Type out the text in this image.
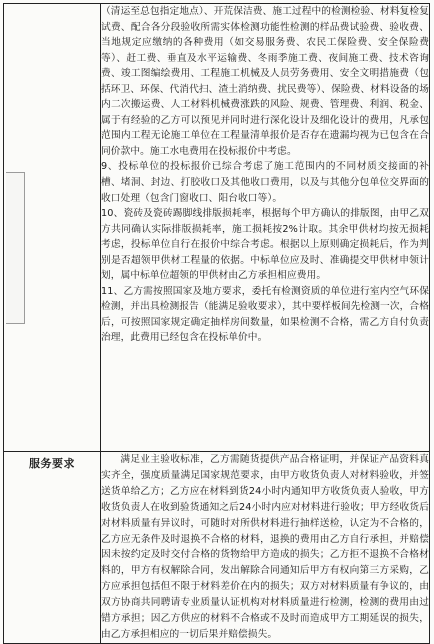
	（清运至总包指定地点）、开荒保洁费、施工过程中的检测检验、材料复检复试费、配合各分段验收所需实体检测功能性检测的样品费试验费、验收费、当地规定应缴纳的各种费用（如交易服务费、农民工保险费、安全保险费等）、赶工费、垂直及水平运输费、冬雨季施工费、夜间施工费、技术咨询费、竣工图编绘费用、工程施工机械及人员劳务费用、安全文明措施费（包括环卫、环保、代消代扫、渣土消纳费、扰民费等）、保险费、材料设备的场内二次搬运费、人工材料机械费涨跌的风险、规费、管理费、利润、税金、属于有经验的乙方可以预见并同时进行深化设计及细化设计的费用，凡承包范围内工程无论施工单位在工程量清单报价是否存在遗漏均视为已包含在合同价款中。施工水电费用在投标报价中考虑。

9、投标单位的投标报价已综合考虑了施工范围内的不同材质交接面的补槽、堵洞、封边、打胶收口及其他收口费用，以及与其他分包单位交界面的收口处理（包含门窗收口、阳台收口等）。

10、瓷砖及瓷砖踢脚线排版损耗率，根据每个甲方确认的排版图，由甲乙双方共同确认实际排版损耗率，施工损耗按2%计取。其余甲供材均按无损耗考虑，投标单位自行在报价中综合考虑。根据以上原则确定损耗后，作为判别是否超领甲供材工程量的依据。中标单位应及时、准确提交甲供材申领计划，属中标单位超领的甲供材由乙方承担相应费用。

11、乙方需按照国家及地方要求，委托有检测资质的单位进行室内空气环保检测，并出具检测报告（能满足验收要求），其中要样板间先检测一次，合格后，可按照国家规定确定抽样房间数量，如果检测不合格，需乙方自付负责治理，此费用已经包含在投标单价中。

服务要求	满足业主验收标准，乙方需随货提供产品合格证明，并保证产品资料真实齐全，强度质量满足国家规范要求，由甲方收货负责人对材料验收，并签送货单给乙方；乙方应在材料到货24小时内通知甲方收货负责人验收，甲方收货负责人在收到验货通知之后24小时内应对材料进行验收；甲方经收货后对材料质量有异议时，可随时对所供材料进行抽样送检，认定为不合格的，乙方应无条件及时退换不合格的材料，退换的费用由乙方自行承担，并赔偿因未按约定及时交付合格的货物给甲方造成的损失；乙方拒不退换不合格材料的，甲方有权解除合同，发出解除合同通知后甲方有权向第三方采购，乙方应承担包括但不限于材料差价在内的损失；双方对材料质量有争议的，由双方协商共同聘请专业质量认证机构对材料质量进行检测，检测的费用由过错方承担；因乙方供应的材料不合格或不及时而造成甲方工期延误的损失，由乙方承担相应的一切后果并赔偿损失。
